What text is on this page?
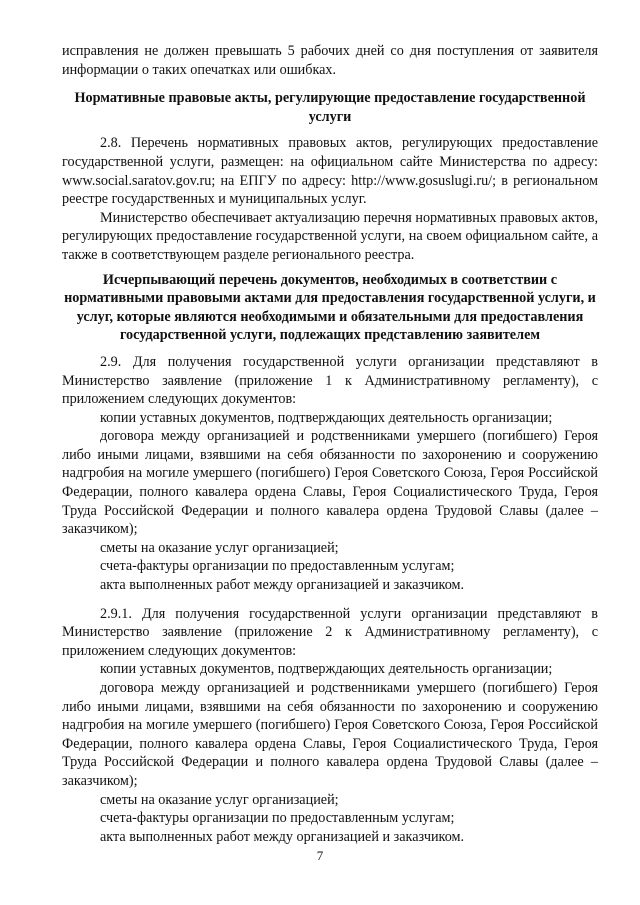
исправления не должен превышать 5 рабочих дней со дня поступления от заявителя информации о таких опечатках или ошибках.

Нормативные правовые акты, регулирующие предоставление государственной услуги

2.8. Перечень нормативных правовых актов, регулирующих предоставление государственной услуги, размещен: на официальном сайте Министерства по адресу: www.social.saratov.gov.ru; на ЕПГУ по адресу: http://www.gosuslugi.ru/; в региональном реестре государственных и муниципальных услуг.

Министерство обеспечивает актуализацию перечня нормативных правовых актов, регулирующих предоставление государственной услуги, на своем официальном сайте, а также в соответствующем разделе регионального реестра.

Исчерпывающий перечень документов, необходимых в соответствии с нормативными правовыми актами для предоставления государственной услуги, и услуг, которые являются необходимыми и обязательными для предоставления государственной услуги, подлежащих представлению заявителем

2.9. Для получения государственной услуги организации представляют в Министерство заявление (приложение 1 к Административному регламенту), с приложением следующих документов:

копии уставных документов, подтверждающих деятельность организации;

договора между организацией и родственниками умершего (погибшего) Героя либо иными лицами, взявшими на себя обязанности по захоронению и сооружению надгробия на могиле умершего (погибшего) Героя Советского Союза, Героя Российской Федерации, полного кавалера ордена Славы, Героя Социалистического Труда, Героя Труда Российской Федерации и полного кавалера ордена Трудовой Славы (далее – заказчиком);

сметы на оказание услуг организацией;

счета-фактуры организации по предоставленным услугам;

акта выполненных работ между организацией и заказчиком.

2.9.1. Для получения государственной услуги организации представляют в Министерство заявление (приложение 2 к Административному регламенту), с приложением следующих документов:

копии уставных документов, подтверждающих деятельность организации;

договора между организацией и родственниками умершего (погибшего) Героя либо иными лицами, взявшими на себя обязанности по захоронению и сооружению надгробия на могиле умершего (погибшего) Героя Советского Союза, Героя Российской Федерации, полного кавалера ордена Славы, Героя Социалистического Труда, Героя Труда Российской Федерации и полного кавалера ордена Трудовой Славы (далее – заказчиком);

сметы на оказание услуг организацией;

счета-фактуры организации по предоставленным услугам;

акта выполненных работ между организацией и заказчиком.

7
